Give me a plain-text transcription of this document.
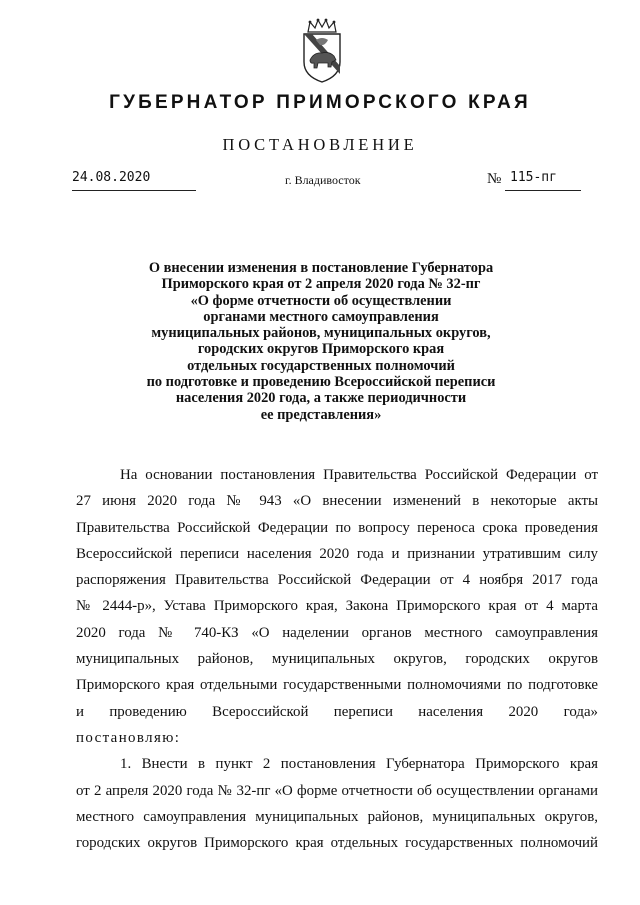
ГУБЕРНАТОР ПРИМОРСКОГО КРАЯ
ПОСТАНОВЛЕНИЕ
24.08.2020	г. Владивосток	№ 115-пг
О внесении изменения в постановление Губернатора
Приморского края от 2 апреля 2020 года № 32-пг
«О форме отчетности об осуществлении
органами местного самоуправления
муниципальных районов, муниципальных округов,
городских округов Приморского края
отдельных государственных полномочий
по подготовке и проведению Всероссийской переписи
населения 2020 года, а также периодичности
ее представления»
На основании постановления Правительства Российской Федерации от
27 июня 2020 года № 943 «О внесении изменений в некоторые акты
Правительства Российской Федерации по вопросу переноса срока проведения
Всероссийской переписи населения 2020 года и признании утратившим силу
распоряжения Правительства Российской Федерации от 4 ноября 2017 года
№ 2444-р», Устава Приморского края, Закона Приморского края от 4 марта
2020 года № 740-КЗ «О наделении органов местного самоуправления
муниципальных районов, муниципальных округов, городских округов
Приморского края отдельными государственными полномочиями по подготовке
и проведению Всероссийской переписи населения 2020 года»
постановляю:
1. Внести в пункт 2 постановления Губернатора Приморского края
от 2 апреля 2020 года № 32-пг «О форме отчетности об осуществлении органами
местного самоуправления муниципальных районов, муниципальных округов,
городских округов Приморского края отдельных государственных полномочий
